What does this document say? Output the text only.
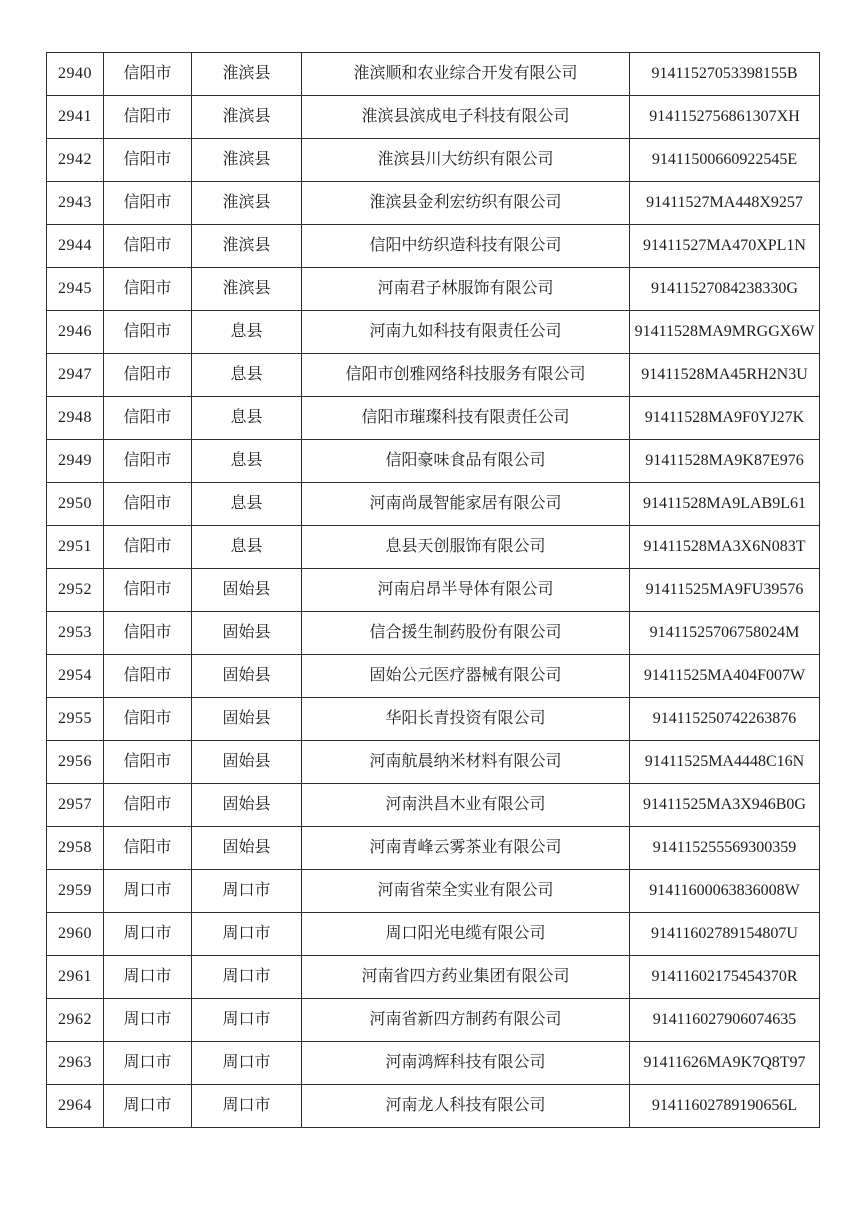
2940	信阳市	淮滨县	淮滨顺和农业综合开发有限公司	91411527053398155B
2941	信阳市	淮滨县	淮滨县滨成电子科技有限公司	9141152756861307XH
2942	信阳市	淮滨县	淮滨县川大纺织有限公司	91411500660922545E
2943	信阳市	淮滨县	淮滨县金利宏纺织有限公司	91411527MA448X9257
2944	信阳市	淮滨县	信阳中纺织造科技有限公司	91411527MA470XPL1N
2945	信阳市	淮滨县	河南君子林服饰有限公司	91411527084238330G
2946	信阳市	息县	河南九如科技有限责任公司	91411528MA9MRGGX6W
2947	信阳市	息县	信阳市创雅网络科技服务有限公司	91411528MA45RH2N3U
2948	信阳市	息县	信阳市璀璨科技有限责任公司	91411528MA9F0YJ27K
2949	信阳市	息县	信阳豪味食品有限公司	91411528MA9K87E976
2950	信阳市	息县	河南尚晟智能家居有限公司	91411528MA9LAB9L61
2951	信阳市	息县	息县天创服饰有限公司	91411528MA3X6N083T
2952	信阳市	固始县	河南启昂半导体有限公司	91411525MA9FU39576
2953	信阳市	固始县	信合援生制药股份有限公司	91411525706758024M
2954	信阳市	固始县	固始公元医疗器械有限公司	91411525MA404F007W
2955	信阳市	固始县	华阳长青投资有限公司	914115250742263876
2956	信阳市	固始县	河南航晨纳米材料有限公司	91411525MA4448C16N
2957	信阳市	固始县	河南洪昌木业有限公司	91411525MA3X946B0G
2958	信阳市	固始县	河南青峰云雾茶业有限公司	914115255569300359
2959	周口市	周口市	河南省荣全实业有限公司	91411600063836008W
2960	周口市	周口市	周口阳光电缆有限公司	91411602789154807U
2961	周口市	周口市	河南省四方药业集团有限公司	91411602175454370R
2962	周口市	周口市	河南省新四方制药有限公司	914116027906074635
2963	周口市	周口市	河南鸿辉科技有限公司	91411626MA9K7Q8T97
2964	周口市	周口市	河南龙人科技有限公司	91411602789190656L
